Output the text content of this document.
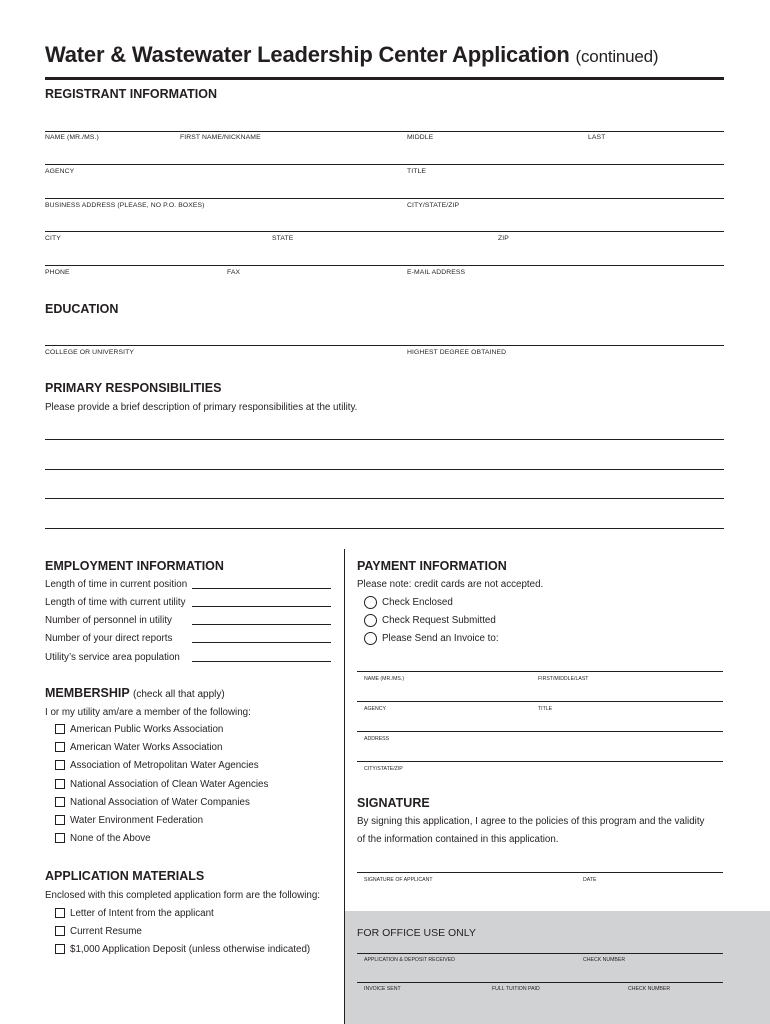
Water & Wastewater Leadership Center Application (continued)
REGISTRANT INFORMATION
NAME (MR./MS.)	FIRST NAME/NICKNAME	MIDDLE	LAST
AGENCY	TITLE
BUSINESS ADDRESS (PLEASE, NO P.O. BOXES)	CITY/STATE/ZIP
CITY	STATE	ZIP
PHONE	FAX	E-MAIL ADDRESS
EDUCATION
COLLEGE OR UNIVERSITY	HIGHEST DEGREE OBTAINED
PRIMARY RESPONSIBILITIES
Please provide a brief description of primary responsibilities at the utility.
EMPLOYMENT INFORMATION
Length of time in current position
Length of time with current utility
Number of personnel in utility
Number of your direct reports
Utility’s service area population
MEMBERSHIP (check all that apply)
I or my utility am/are a member of the following:
American Public Works Association
American Water Works Association
Association of Metropolitan Water Agencies
National Association of Clean Water Agencies
National Association of Water Companies
Water Environment Federation
None of the Above
APPLICATION MATERIALS
Enclosed with this completed application form are the following:
Letter of Intent from the applicant
Current Resume
$1,000 Application Deposit (unless otherwise indicated)
PAYMENT INFORMATION
Please note: credit cards are not accepted.
Check Enclosed
Check Request Submitted
Please Send an Invoice to:
NAME (MR./MS.)	FIRST/MIDDLE/LAST
AGENCY	TITLE
ADDRESS
CITY/STATE/ZIP
SIGNATURE
By signing this application, I agree to the policies of this program and the validity
of the information contained in this application.
SIGNATURE OF APPLICANT	DATE
FOR OFFICE USE ONLY
APPLICATION & DEPOSIT RECEIVED	CHECK NUMBER
INVOICE SENT	FULL TUITION PAID	CHECK NUMBER
